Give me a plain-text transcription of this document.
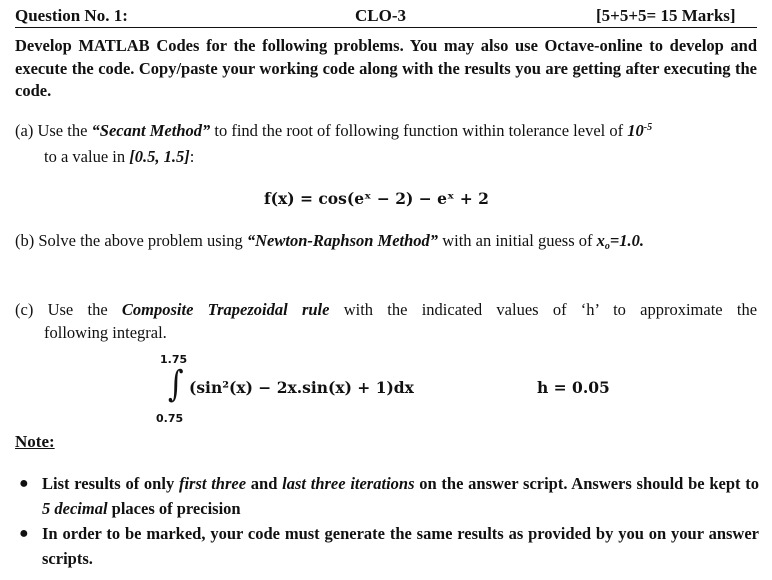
Question No. 1:	CLO-3	[5+5+5= 15 Marks]
Develop MATLAB Codes for the following problems. You may also use Octave-online to develop and execute the code. Copy/paste your working code along with the results you are getting after executing the code.
(a) Use the “Secant Method” to find the root of following function within tolerance level of $10^{-5}$
to a value in [0.5, 1.5]:
f(x) = cos(eˣ − 2) − eˣ + 2
(b) Solve the above problem using “Newton-Raphson Method” with an initial guess of $x_o=1.0$.
(c) Use the Composite Trapezoidal rule with the indicated values of ‘h’ to approximate the
following integral.
1.75
∫
0.75
(sin²(x) − 2x.sin(x) + 1)dx	h = 0.05
Note:
● List results of only first three and last three iterations on the answer script. Answers should be kept to 5 decimal places of precision
● In order to be marked, your code must generate the same results as provided by you on your answer scripts.
